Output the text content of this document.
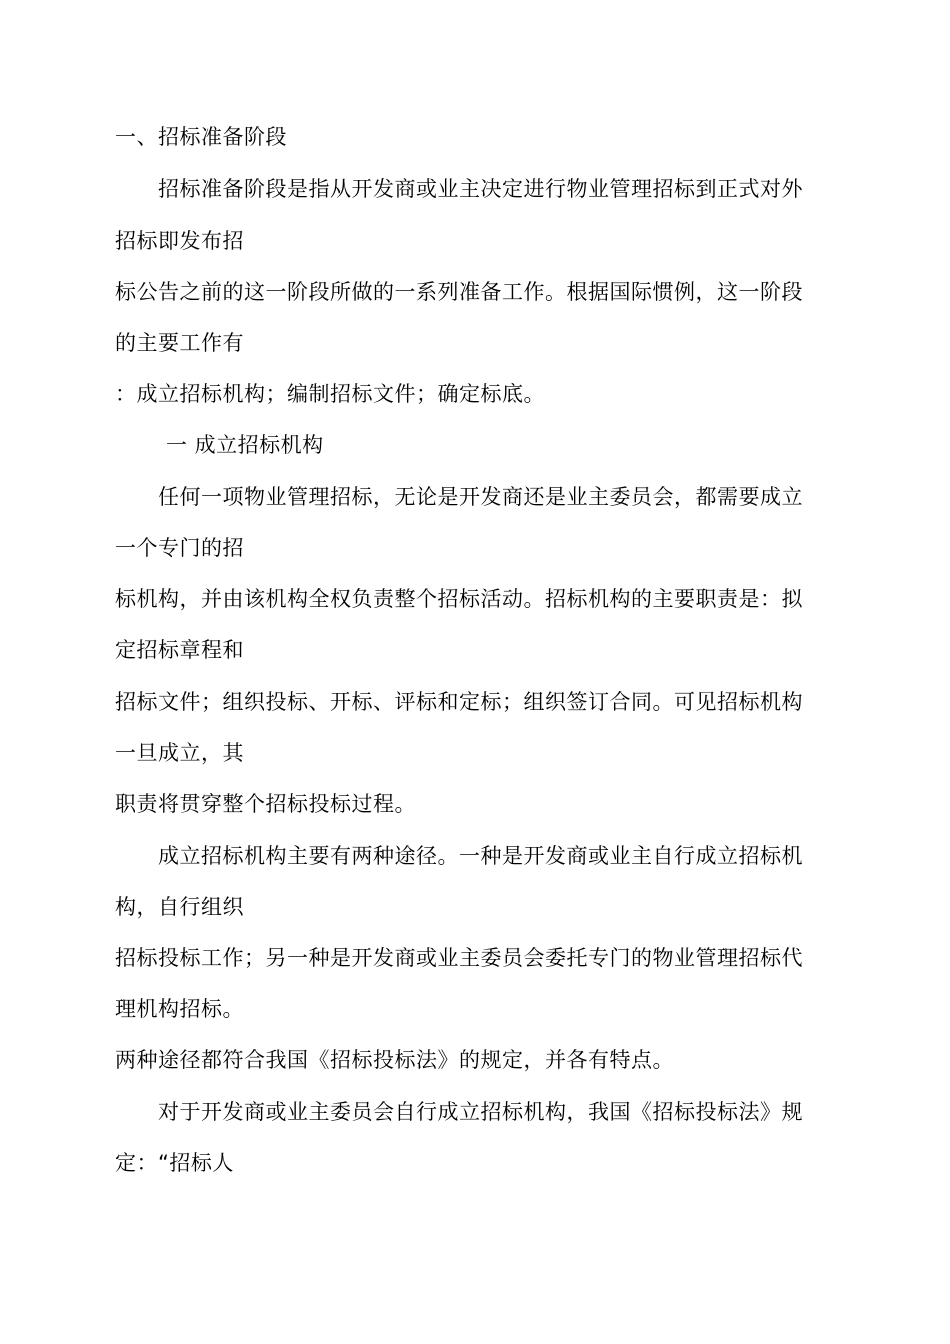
一、招标准备阶段
招标准备阶段是指从开发商或业主决定进行物业管理招标到正式对外
招标即发布招
标公告之前的这一阶段所做的一系列准备工作。根据国际惯例，这一阶段
的主要工作有
：成立招标机构；编制招标文件；确定标底。
一 成立招标机构
任何一项物业管理招标，无论是开发商还是业主委员会，都需要成立
一个专门的招
标机构，并由该机构全权负责整个招标活动。招标机构的主要职责是：拟
定招标章程和
招标文件；组织投标、开标、评标和定标；组织签订合同。可见招标机构
一旦成立，其
职责将贯穿整个招标投标过程。
成立招标机构主要有两种途径。一种是开发商或业主自行成立招标机
构，自行组织
招标投标工作；另一种是开发商或业主委员会委托专门的物业管理招标代
理机构招标。
两种途径都符合我国《招标投标法》的规定，并各有特点。
对于开发商或业主委员会自行成立招标机构，我国《招标投标法》规
定：“招标人
